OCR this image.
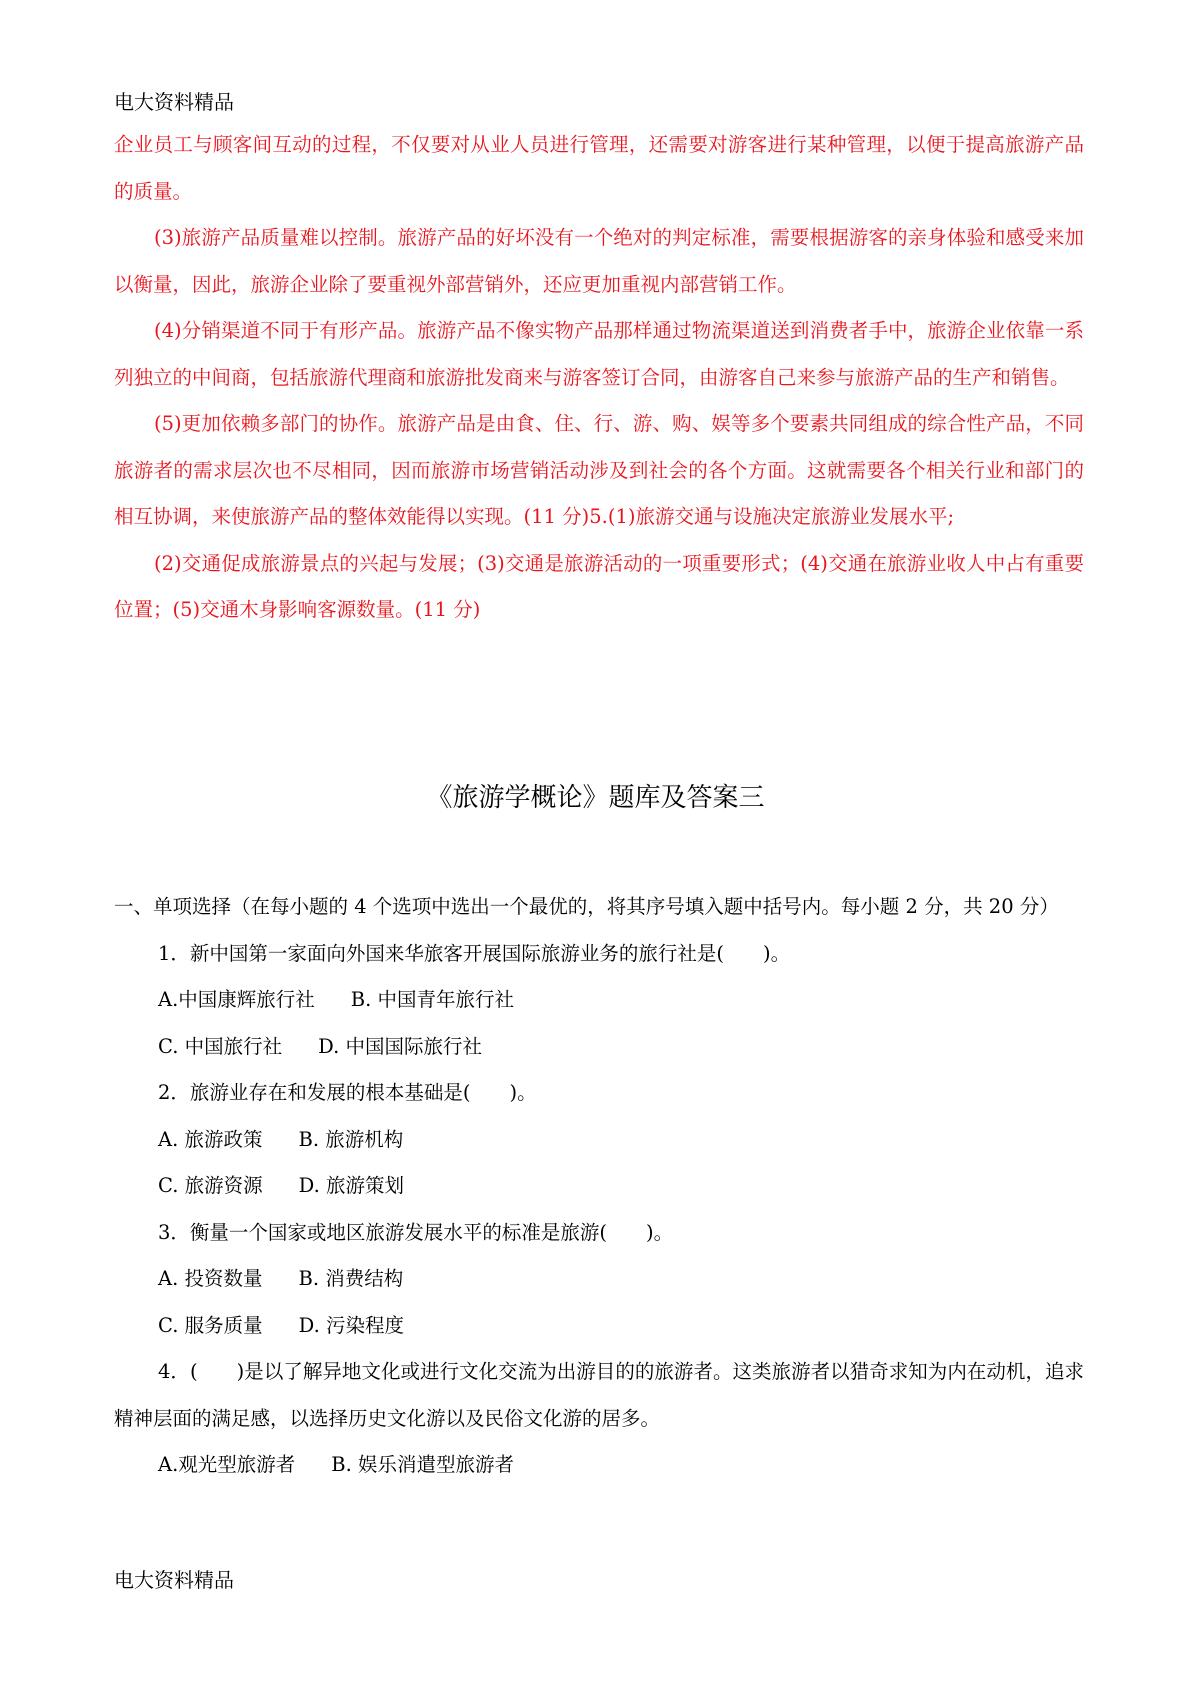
电大资料精品

企业员工与顾客间互动的过程，不仅要对从业人员进行管理，还需要对游客进行某种管理，以便于提高旅游产品的质量。

(3)旅游产品质量难以控制。旅游产品的好坏没有一个绝对的判定标准，需要根据游客的亲身体验和感受来加以衡量，因此，旅游企业除了要重视外部营销外，还应更加重视内部营销工作。

(4)分销渠道不同于有形产品。旅游产品不像实物产品那样通过物流渠道送到消费者手中，旅游企业依靠一系列独立的中间商，包括旅游代理商和旅游批发商来与游客签订合同，由游客自己来参与旅游产品的生产和销售。

(5)更加依赖多部门的协作。旅游产品是由食、住、行、游、购、娱等多个要素共同组成的综合性产品，不同旅游者的需求层次也不尽相同，因而旅游市场营销活动涉及到社会的各个方面。这就需要各个相关行业和部门的相互协调，来使旅游产品的整体效能得以实现。(11 分)5.(1)旅游交通与设施决定旅游业发展水平;

(2)交通促成旅游景点的兴起与发展；(3)交通是旅游活动的一项重要形式；(4)交通在旅游业收人中占有重要位置；(5)交通木身影响客源数量。(11 分)

《旅游学概论》题库及答案三

一、单项选择（在每小题的 4 个选项中选出一个最优的，将其序号填入题中括号内。每小题 2 分，共 20 分）

1．新中国第一家面向外国来华旅客开展国际旅游业务的旅行社是(　　)。

A.中国康辉旅行社 B. 中国青年旅行社
C. 中国旅行社 D. 中国国际旅行社

2．旅游业存在和发展的根本基础是(　　)。

A. 旅游政策 B. 旅游机构
C. 旅游资源 D. 旅游策划

3．衡量一个国家或地区旅游发展水平的标准是旅游(　　)。

A. 投资数量 B. 消费结构
C. 服务质量 D. 污染程度

4．(　　)是以了解异地文化或进行文化交流为出游目的的旅游者。这类旅游者以猎奇求知为内在动机，追求精神层面的满足感，以选择历史文化游以及民俗文化游的居多。

A.观光型旅游者 B. 娱乐消遣型旅游者
电大资料精品
